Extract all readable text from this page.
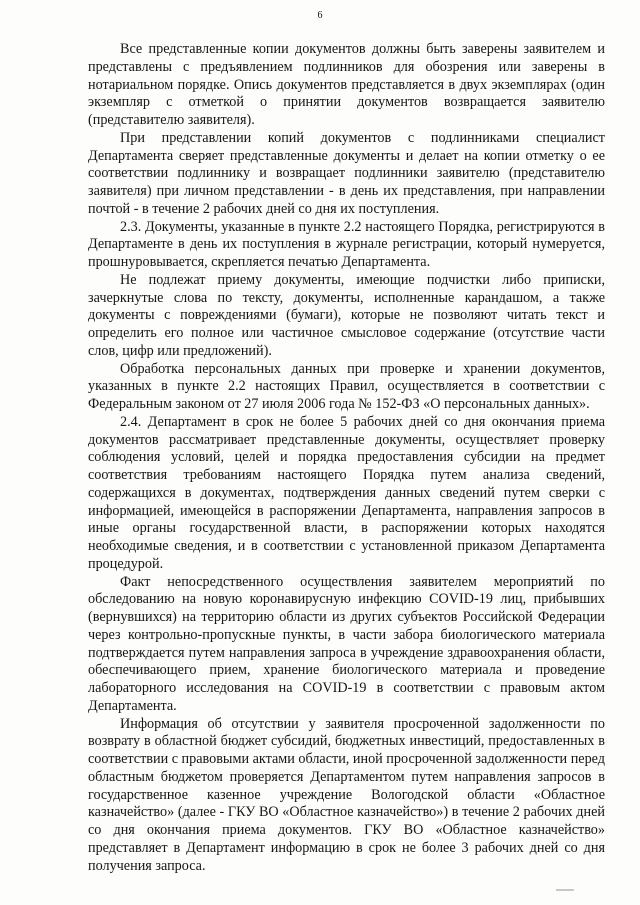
6

Все представленные копии документов должны быть заверены заявителем и представлены с предъявлением подлинников для обозрения или заверены в нотариальном порядке. Опись документов представляется в двух экземплярах (один экземпляр с отметкой о принятии документов возвращается заявителю (представителю заявителя).

При представлении копий документов с подлинниками специалист Департамента сверяет представленные документы и делает на копии отметку о ее соответствии подлиннику и возвращает подлинники заявителю (представителю заявителя) при личном представлении - в день их представления, при направлении почтой - в течение 2 рабочих дней со дня их поступления.

2.3. Документы, указанные в пункте 2.2 настоящего Порядка, регистрируются в Департаменте в день их поступления в журнале регистрации, который нумеруется, прошнуровывается, скрепляется печатью Департамента.

Не подлежат приему документы, имеющие подчистки либо приписки, зачеркнутые слова по тексту, документы, исполненные карандашом, а также документы с повреждениями (бумаги), которые не позволяют читать текст и определить его полное или частичное смысловое содержание (отсутствие части слов, цифр или предложений).

Обработка персональных данных при проверке и хранении документов, указанных в пункте 2.2 настоящих Правил, осуществляется в соответствии с Федеральным законом от 27 июля 2006 года № 152-ФЗ «О персональных данных».

2.4. Департамент в срок не более 5 рабочих дней со дня окончания приема документов рассматривает представленные документы, осуществляет проверку соблюдения условий, целей и порядка предоставления субсидии на предмет соответствия требованиям настоящего Порядка путем анализа сведений, содержащихся в документах, подтверждения данных сведений путем сверки с информацией, имеющейся в распоряжении Департамента, направления запросов в иные органы государственной власти, в распоряжении которых находятся необходимые сведения, и в соответствии с установленной приказом Департамента процедурой.

Факт непосредственного осуществления заявителем мероприятий по обследованию на новую коронавирусную инфекцию COVID-19 лиц, прибывших (вернувшихся) на территорию области из других субъектов Российской Федерации через контрольно-пропускные пункты, в части забора биологического материала подтверждается путем направления запроса в учреждение здравоохранения области, обеспечивающего прием, хранение биологического материала и проведение лабораторного исследования на COVID-19 в соответствии с правовым актом Департамента.

Информация об отсутствии у заявителя просроченной задолженности по возврату в областной бюджет субсидий, бюджетных инвестиций, предоставленных в соответствии с правовыми актами области, иной просроченной задолженности перед областным бюджетом проверяется Департаментом путем направления запросов в государственное казенное учреждение Вологодской области «Областное казначейство» (далее - ГКУ ВО «Областное казначейство») в течение 2 рабочих дней со дня окончания приема документов. ГКУ ВО «Областное казначейство» представляет в Департамент информацию в срок не более 3 рабочих дней со дня получения запроса.
